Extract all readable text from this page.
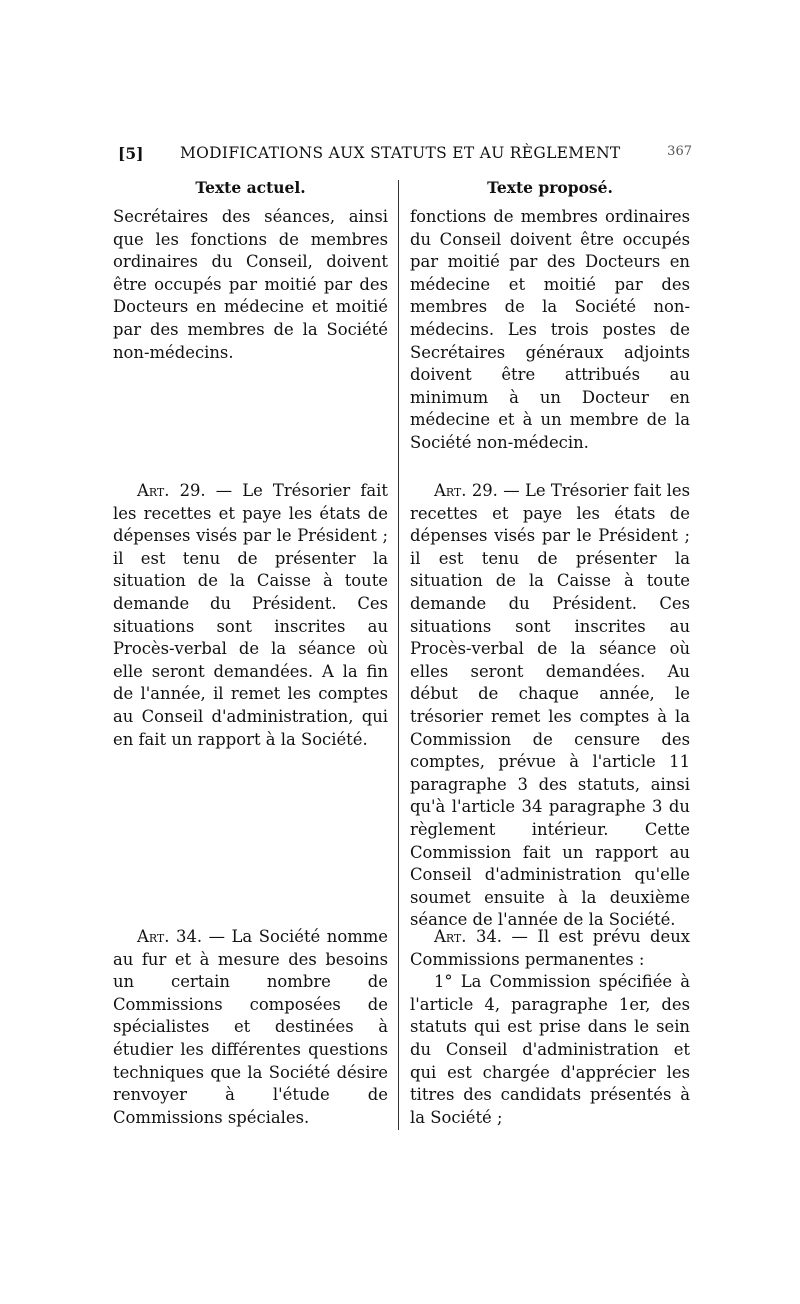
[5] MODIFICATIONS AUX STATUTS ET AU RÈGLEMENT	367
Texte actuel.

Secrétaires des séances, ainsi que les fonctions de membres ordinaires du Conseil, doivent être occupés par moitié par des Docteurs en médecine et moitié par des membres de la Société non-médecins.

Art. 29. — Le Trésorier fait les recettes et paye les états de dépenses visés par le Président ; il est tenu de présenter la situation de la Caisse à toute demande du Président. Ces situations sont inscrites au Procès-verbal de la séance où elle seront demandées. A la fin de l'année, il remet les comptes au Conseil d'administration, qui en fait un rapport à la Société.

Art. 34. — La Société nomme au fur et à mesure des besoins un certain nombre de Commissions composées de spécialistes et destinées à étudier les différentes questions techniques que la Société désire renvoyer à l'étude de Commissions spéciales.

Texte proposé.

fonctions de membres ordinaires du Conseil doivent être occupés par moitié par des Docteurs en médecine et moitié par des membres de la Société non-médecins. Les trois postes de Secrétaires généraux adjoints doivent être attribués au minimum à un Docteur en médecine et à un membre de la Société non-médecin.

Art. 29. — Le Trésorier fait les recettes et paye les états de dépenses visés par le Président ; il est tenu de présenter la situation de la Caisse à toute demande du Président. Ces situations sont inscrites au Procès-verbal de la séance où elles seront demandées. Au début de chaque année, le trésorier remet les comptes à la Commission de censure des comptes, prévue à l'article 11 paragraphe 3 des statuts, ainsi qu'à l'article 34 paragraphe 3 du règlement intérieur. Cette Commission fait un rapport au Conseil d'administration qu'elle soumet ensuite à la deuxième séance de l'année de la Société.

Art. 34. — Il est prévu deux Commissions permanentes :

1° La Commission spécifiée à l'article 4, paragraphe 1er, des statuts qui est prise dans le sein du Conseil d'administration et qui est chargée d'apprécier les titres des candidats présentés à la Société ;
